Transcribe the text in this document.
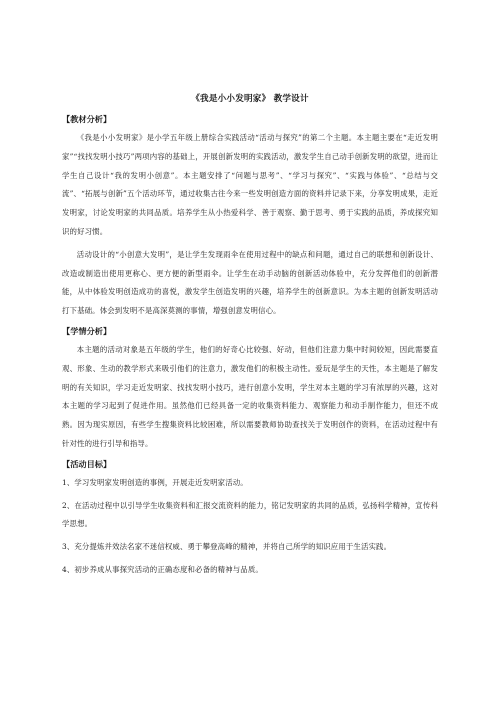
《我是小小发明家》 教学设计
【教材分析】

《我是小小发明家》是小学五年级上册综合实践活动“活动与探究”的第二个主题。本主题主要在“走近发明家”“找找发明小技巧”两项内容的基础上，开展创新发明的实践活动，激发学生自己动手创新发明的欲望，进而让学生自己设计“我的发明小创意”。本主题安排了“问题与思考”、“学习与探究”、“实践与体验”、“总结与交流”、“拓展与创新”五个活动环节，通过收集古往今来一些发明创造方面的资料并记录下来，分享发明成果，走近发明家，讨论发明家的共同品质。培养学生从小热爱科学、善于观察、勤于思考、勇于实践的品质，养成探究知识的好习惯。

活动设计的“小创意大发明”，是让学生发现雨伞在使用过程中的缺点和问题，通过自己的联想和创新设计、改造或制造出使用更称心、更方便的新型雨伞。让学生在动手动脑的创新活动体验中，充分发挥他们的创新潜能，从中体验发明创造成功的喜悦，激发学生创造发明的兴趣，培养学生的创新意识。为本主题的创新发明活动打下基础。体会到发明不是高深莫测的事情，增强创意发明信心。

【学情分析】

本主题的活动对象是五年级的学生，他们的好奇心比较强、好动，但他们注意力集中时间较短，因此需要直观、形象、生动的教学形式来吸引他们的注意力，激发他们的积极主动性。爱玩是学生的天性，本主题是了解发明的有关知识，学习走近发明家、找找发明小技巧，进行创意小发明，学生对本主题的学习有浓厚的兴趣，这对本主题的学习起到了促进作用。虽然他们已经具备一定的收集资料能力、观察能力和动手制作能力，但还不成熟。因为现实原因，有些学生搜集资料比较困难，所以需要教师协助查找关于发明创作的资料，在活动过程中有针对性的进行引导和指导。

【活动目标】

1、学习发明家发明创造的事例，开展走近发明家活动。

2、在活动过程中以引导学生收集资料和汇报交流资料的能力，铭记发明家的共同的品质，弘扬科学精神，宣传科学思想。

3、充分提炼并效法名家不迷信权威、勇于攀登高峰的精神，并将自己所学的知识应用于生活实践。

4、初步养成从事探究活动的正确态度和必备的精神与品质。
